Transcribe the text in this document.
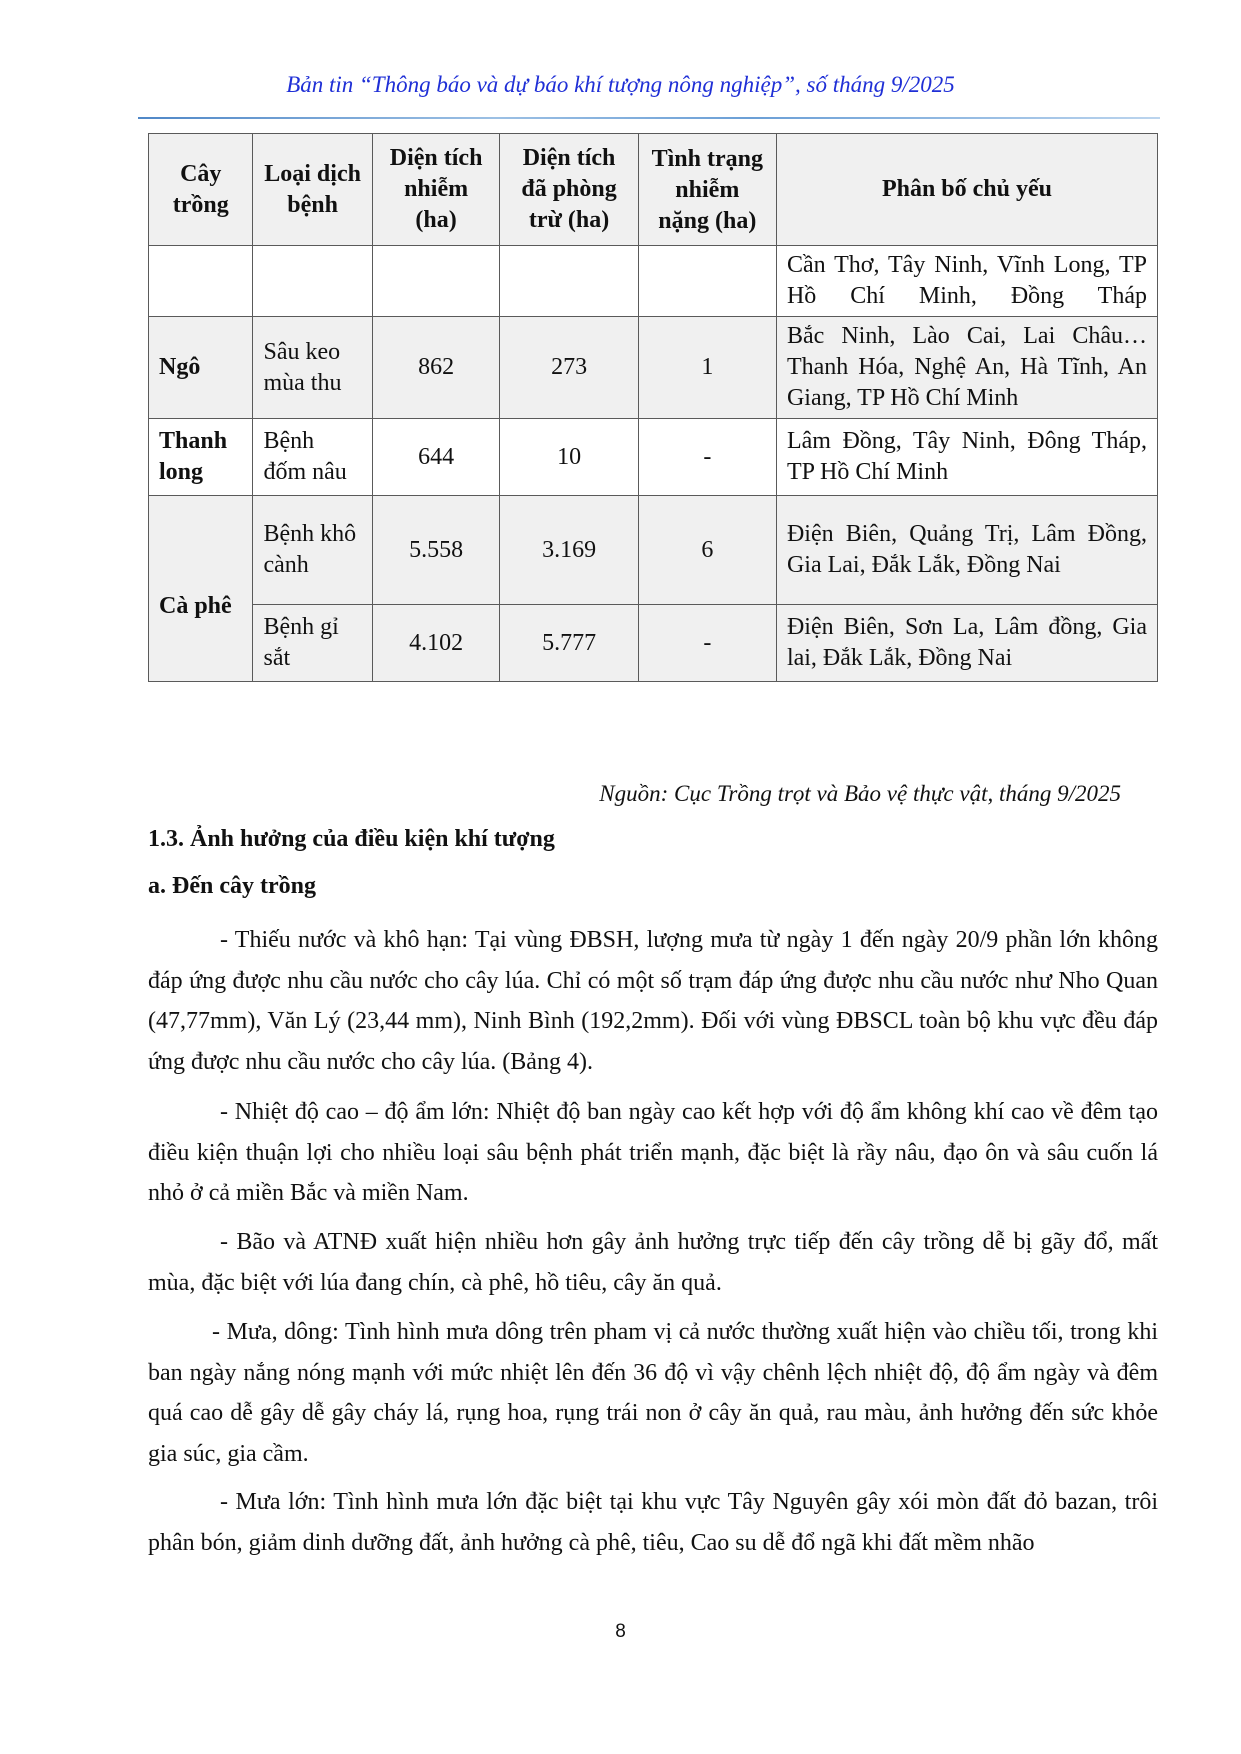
Bản tin “Thông báo và dự báo khí tượng nông nghiệp”, số tháng 9/2025
Cây trồng	Loại dịch bệnh	Diện tích nhiễm (ha)	Diện tích đã phòng trừ (ha)	Tình trạng nhiễm nặng (ha)	Phân bố chủ yếu
					Cần Thơ, Tây Ninh, Vĩnh Long, TP Hồ Chí Minh, Đồng Tháp
Ngô	Sâu keo mùa thu	862	273	1	Bắc Ninh, Lào Cai, Lai Châu…Thanh Hóa, Nghệ An, Hà Tĩnh, An Giang, TP Hồ Chí Minh
Thanh long	Bệnh đốm nâu	644	10	-	Lâm Đồng, Tây Ninh, Đông Tháp, TP Hồ Chí Minh
Cà phê	Bệnh khô cành	5.558	3.169	6	Điện Biên, Quảng Trị, Lâm Đồng, Gia Lai, Đắk Lắk, Đồng Nai
	Bệnh gỉ sắt	4.102	5.777	-	Điện Biên, Sơn La, Lâm đồng, Gia lai, Đắk Lắk, Đồng Nai
Nguồn: Cục Trồng trọt và Bảo vệ thực vật, tháng 9/2025
1.3. Ảnh hưởng của điều kiện khí tượng
a. Đến cây trồng
- Thiếu nước và khô hạn: Tại vùng ĐBSH, lượng mưa từ ngày 1 đến ngày 20/9 phần lớn không đáp ứng được nhu cầu nước cho cây lúa. Chỉ có một số trạm đáp ứng được nhu cầu nước như Nho Quan (47,77mm), Văn Lý (23,44 mm), Ninh Bình (192,2mm). Đối với vùng ĐBSCL toàn bộ khu vực đều đáp ứng được nhu cầu nước cho cây lúa. (Bảng 4).
- Nhiệt độ cao – độ ẩm lớn: Nhiệt độ ban ngày cao kết hợp với độ ẩm không khí cao về đêm tạo điều kiện thuận lợi cho nhiều loại sâu bệnh phát triển mạnh, đặc biệt là rầy nâu, đạo ôn và sâu cuốn lá nhỏ ở cả miền Bắc và miền Nam.
- Bão và ATNĐ xuất hiện nhiều hơn gây ảnh hưởng trực tiếp đến cây trồng dễ bị gãy đổ, mất mùa, đặc biệt với lúa đang chín, cà phê, hồ tiêu, cây ăn quả.
- Mưa, dông: Tình hình mưa dông trên pham vị cả nước thường xuất hiện vào chiều tối, trong khi ban ngày nắng nóng mạnh với mức nhiệt lên đến 36 độ vì vậy chênh lệch nhiệt độ, độ ẩm ngày và đêm quá cao dễ gây dễ gây cháy lá, rụng hoa, rụng trái non ở cây ăn quả, rau màu, ảnh hưởng đến sức khỏe gia súc, gia cầm.
- Mưa lớn: Tình hình mưa lớn đặc biệt tại khu vực Tây Nguyên gây xói mòn đất đỏ bazan, trôi phân bón, giảm dinh dưỡng đất, ảnh hưởng cà phê, tiêu, Cao su dễ đổ ngã khi đất mềm nhão
8
